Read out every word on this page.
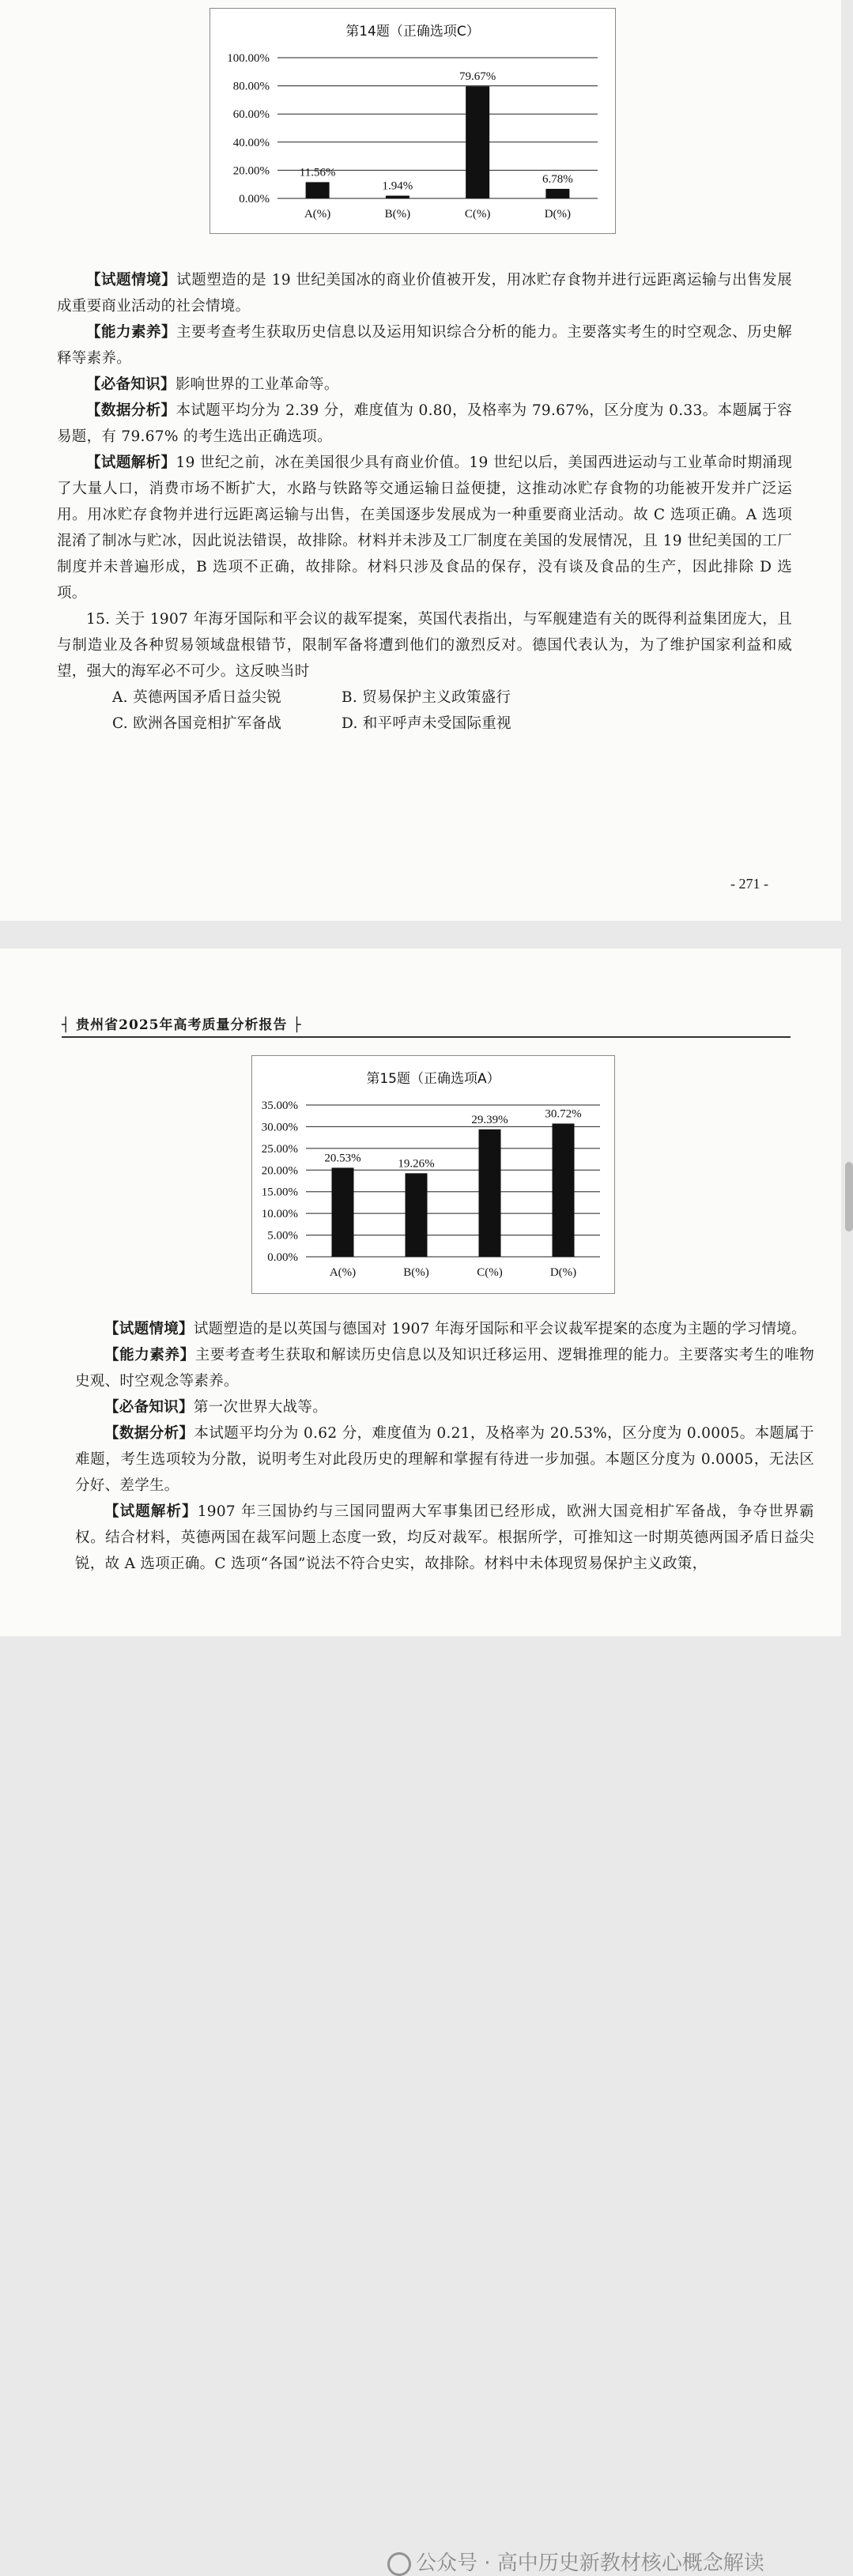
第14题（正确选项C）
0.00%
20.00%
40.00%
60.00%
80.00%
100.00%
11.56%
A(%)
1.94%
B(%)
79.67%
C(%)
6.78%
D(%)

【试题情境】试题塑造的是 19 世纪美国冰的商业价值被开发，用冰贮存食物并进行远距离运输与出售发展成重要商业活动的社会情境。

【能力素养】主要考查考生获取历史信息以及运用知识综合分析的能力。主要落实考生的时空观念、历史解释等素养。

【必备知识】影响世界的工业革命等。

【数据分析】本试题平均分为 2.39 分，难度值为 0.80，及格率为 79.67%，区分度为 0.33。本题属于容易题，有 79.67% 的考生选出正确选项。

【试题解析】19 世纪之前，冰在美国很少具有商业价值。19 世纪以后，美国西进运动与工业革命时期涌现了大量人口，消费市场不断扩大，水路与铁路等交通运输日益便捷，这推动冰贮存食物的功能被开发并广泛运用。用冰贮存食物并进行远距离运输与出售，在美国逐步发展成为一种重要商业活动。故 C 选项正确。A 选项混淆了制冰与贮冰，因此说法错误，故排除。材料并未涉及工厂制度在美国的发展情况，且 19 世纪美国的工厂制度并未普遍形成，B 选项不正确，故排除。材料只涉及食品的保存，没有谈及食品的生产，因此排除 D 选项。

15. 关于 1907 年海牙国际和平会议的裁军提案，英国代表指出，与军舰建造有关的既得利益集团庞大，且与制造业及各种贸易领域盘根错节，限制军备将遭到他们的激烈反对。德国代表认为，为了维护国家利益和威望，强大的海军必不可少。这反映当时

A. 英德两国矛盾日益尖锐	B. 贸易保护主义政策盛行
C. 欧洲各国竞相扩军备战	D. 和平呼声未受国际重视
- 271 -
┤ 贵州省2025年高考质量分析报告 ├
第15题（正确选项A）
0.00%
5.00%
10.00%
15.00%
20.00%
25.00%
30.00%
35.00%
20.53%
A(%)
19.26%
B(%)
29.39%
C(%)
30.72%
D(%)

【试题情境】试题塑造的是以英国与德国对 1907 年海牙国际和平会议裁军提案的态度为主题的学习情境。

【能力素养】主要考查考生获取和解读历史信息以及知识迁移运用、逻辑推理的能力。主要落实考生的唯物史观、时空观念等素养。

【必备知识】第一次世界大战等。

【数据分析】本试题平均分为 0.62 分，难度值为 0.21，及格率为 20.53%，区分度为 0.0005。本题属于难题，考生选项较为分散，说明考生对此段历史的理解和掌握有待进一步加强。本题区分度为 0.0005，无法区分好、差学生。

【试题解析】1907 年三国协约与三国同盟两大军事集团已经形成，欧洲大国竞相扩军备战，争夺世界霸权。结合材料，英德两国在裁军问题上态度一致，均反对裁军。根据所学，可推知这一时期英德两国矛盾日益尖锐，故 A 选项正确。C 选项“各国”说法不符合史实，故排除。材料中未体现贸易保护主义政策，

公众号 · 高中历史新教材核心概念解读
